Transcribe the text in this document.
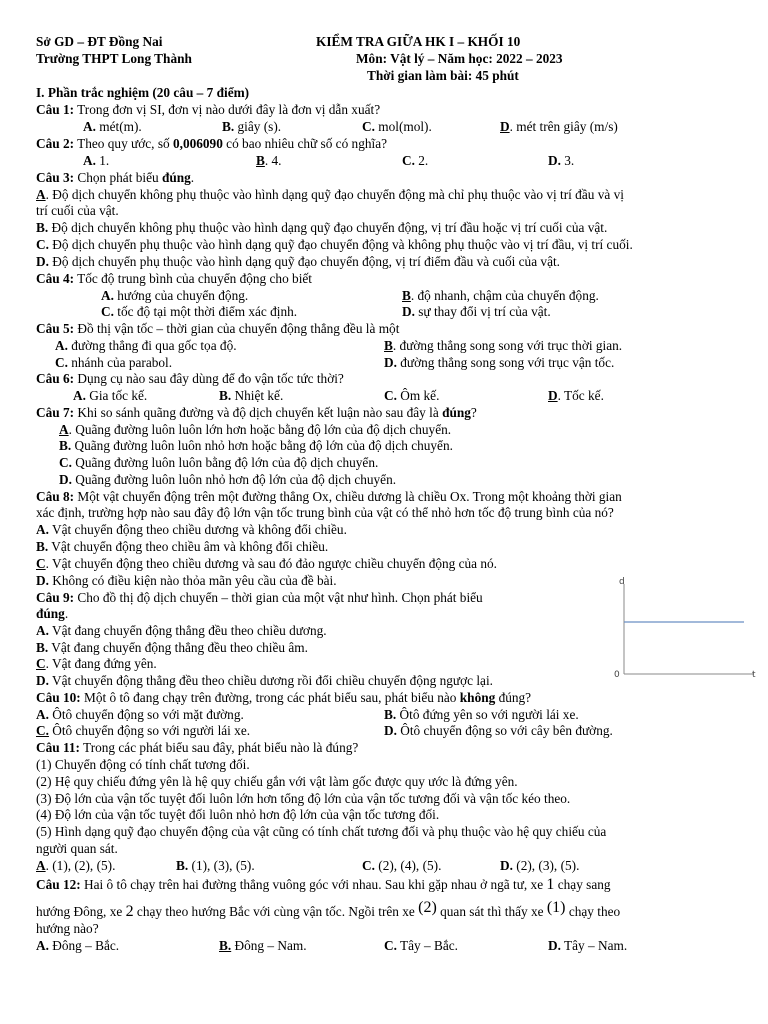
Sở GD – ĐT Đồng Nai	KIỂM TRA GIỮA HK I – KHỐI 10
Trường THPT Long Thành	Môn: Vật lý – Năm học: 2022 – 2023
Thời gian làm bài: 45 phút
I. Phần trắc nghiệm (20 câu – 7 điểm)
Câu 1: Trong đơn vị SI, đơn vị nào dưới đây là đơn vị dẫn xuất?
A. mét(m).	B. giây (s).	C. mol(mol).	D. mét trên giây (m/s)
Câu 2: Theo quy ước, số 0,006090 có bao nhiêu chữ số có nghĩa?
A. 1.	B. 4.	C. 2.	D. 3.
Câu 3: Chọn phát biểu đúng.
A. Độ dịch chuyển không phụ thuộc vào hình dạng quỹ đạo chuyển động mà chỉ phụ thuộc vào vị trí đầu và vị
trí cuối của vật.
B. Độ dịch chuyển không phụ thuộc vào hình dạng quỹ đạo chuyển động, vị trí đầu hoặc vị trí cuối của vật.
C. Độ dịch chuyển phụ thuộc vào hình dạng quỹ đạo chuyển động và không phụ thuộc vào vị trí đầu, vị trí cuối.
D. Độ dịch chuyển phụ thuộc vào hình dạng quỹ đạo chuyển động, vị trí điểm đầu và cuối của vật.
Câu 4: Tốc độ trung bình của chuyển động cho biết
A. hướng của chuyển động.	B. độ nhanh, chậm của chuyển động.
C. tốc độ tại một thời điểm xác định.	D. sự thay đổi vị trí của vật.
Câu 5: Đồ thị vận tốc – thời gian của chuyển động thẳng đều là một
A. đường thẳng đi qua gốc tọa độ.	B. đường thẳng song song với trục thời gian.
C. nhánh của parabol.	D. đường thẳng song song với trục vận tốc.
Câu 6: Dụng cụ nào sau đây dùng để đo vận tốc tức thời?
A. Gia tốc kế.	B. Nhiệt kế.	C. Ôm kế.	D. Tốc kế.
Câu 7: Khi so sánh quãng đường và độ dịch chuyển kết luận nào sau đây là đúng?
A. Quãng đường luôn luôn lớn hơn hoặc bằng độ lớn của độ dịch chuyển.
B. Quãng đường luôn luôn nhỏ hơn hoặc bằng độ lớn của độ dịch chuyển.
C. Quãng đường luôn luôn bằng độ lớn của độ dịch chuyển.
D. Quãng đường luôn luôn nhỏ hơn độ lớn của độ dịch chuyển.
Câu 8: Một vật chuyển động trên một đường thẳng Ox, chiều dương là chiều Ox. Trong một khoảng thời gian
xác định, trường hợp nào sau đây độ lớn vận tốc trung bình của vật có thể nhỏ hơn tốc độ trung bình của nó?
A. Vật chuyển động theo chiều dương và không đổi chiều.
B. Vật chuyển động theo chiều âm và không đổi chiều.
C. Vật chuyển động theo chiều dương và sau đó đảo ngược chiều chuyển động của nó.
D. Không có điều kiện nào thỏa mãn yêu cầu của đề bài.
Câu 9: Cho đồ thị độ dịch chuyển – thời gian của một vật như hình. Chọn phát biểu
đúng.
A. Vật đang chuyển động thẳng đều theo chiều dương.
B. Vật đang chuyển động thẳng đều theo chiều âm.
C. Vật đang đứng yên.
D. Vật chuyển động thẳng đều theo chiều dương rồi đổi chiều chuyển động ngược lại.
d
0	t
Câu 10: Một ô tô đang chạy trên đường, trong các phát biểu sau, phát biểu nào không đúng?
A. Ôtô chuyển động so với mặt đường.	B. Ôtô đứng yên so với người lái xe.
C. Ôtô chuyển động so với người lái xe.	D. Ôtô chuyển động so với cây bên đường.
Câu 11: Trong các phát biểu sau đây, phát biểu nào là đúng?
(1) Chuyển động có tính chất tương đối.
(2) Hệ quy chiếu đứng yên là hệ quy chiếu gắn với vật làm gốc được quy ước là đứng yên.
(3) Độ lớn của vận tốc tuyệt đối luôn lớn hơn tổng độ lớn của vận tốc tương đối và vận tốc kéo theo.
(4) Độ lớn của vận tốc tuyệt đối luôn nhỏ hơn độ lớn của vận tốc tương đối.
(5) Hình dạng quỹ đạo chuyển động của vật cũng có tính chất tương đối và phụ thuộc vào hệ quy chiếu của
người quan sát.
A. (1), (2), (5).	B. (1), (3), (5).	C. (2), (4), (5).	D. (2), (3), (5).
Câu 12: Hai ô tô chạy trên hai đường thẳng vuông góc với nhau. Sau khi gặp nhau ở ngã tư, xe 1 chạy sang
hướng Đông, xe 2 chạy theo hướng Bắc với cùng vận tốc. Ngồi trên xe (2) quan sát thì thấy xe (1) chạy theo
hướng nào?
A. Đông – Bắc.	B. Đông – Nam.	C. Tây – Bắc.	D. Tây – Nam.
